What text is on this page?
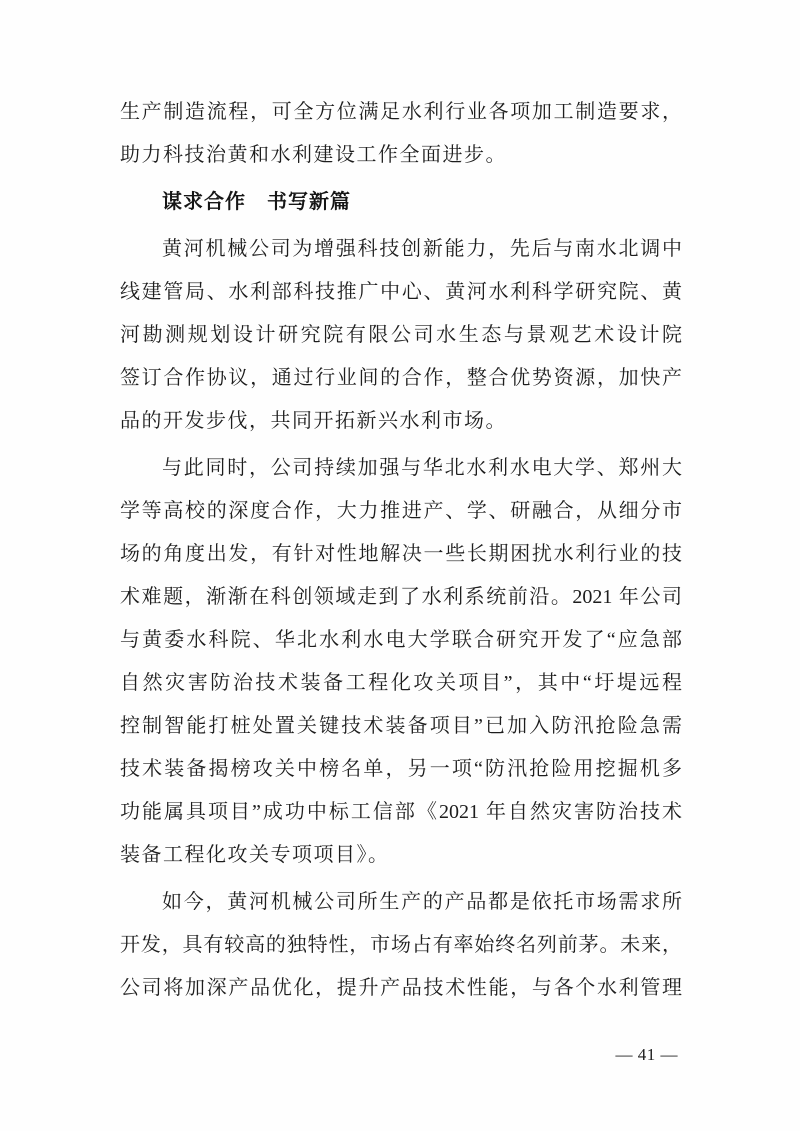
生产制造流程，可全方位满足水利行业各项加工制造要求，
助力科技治黄和水利建设工作全面进步。
谋求合作　书写新篇
黄河机械公司为增强科技创新能力，先后与南水北调中
线建管局、水利部科技推广中心、黄河水利科学研究院、黄
河勘测规划设计研究院有限公司水生态与景观艺术设计院
签订合作协议，通过行业间的合作，整合优势资源，加快产
品的开发步伐，共同开拓新兴水利市场。
与此同时，公司持续加强与华北水利水电大学、郑州大
学等高校的深度合作，大力推进产、学、研融合，从细分市
场的角度出发，有针对性地解决一些长期困扰水利行业的技
术难题，渐渐在科创领域走到了水利系统前沿。2021 年公司
与黄委水科院、华北水利水电大学联合研究开发了“应急部
自然灾害防治技术装备工程化攻关项目”，其中“圩堤远程
控制智能打桩处置关键技术装备项目”已加入防汛抢险急需
技术装备揭榜攻关中榜名单，另一项“防汛抢险用挖掘机多
功能属具项目”成功中标工信部《2021 年自然灾害防治技术
装备工程化攻关专项项目》。
如今，黄河机械公司所生产的产品都是依托市场需求所
开发，具有较高的独特性，市场占有率始终名列前茅。未来，
公司将加深产品优化，提升产品技术性能，与各个水利管理
— 41 —
